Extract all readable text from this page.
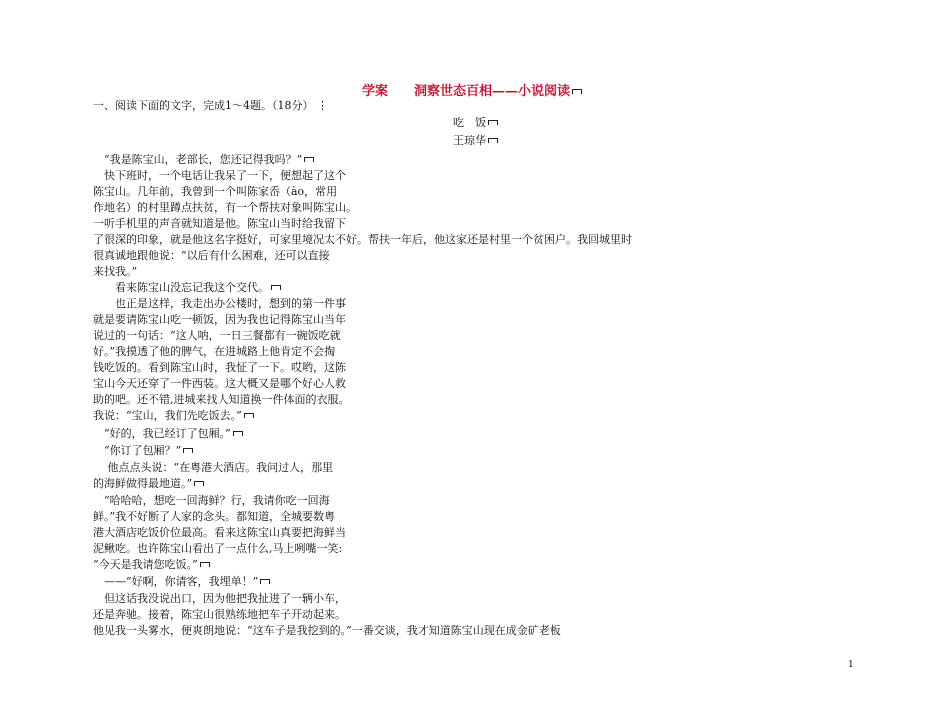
学案　　洞察世态百相——小说阅读
一、阅读下面的文字，完成1～4题。（18分） ⋮
吃　饭
王琼华
　“我是陈宝山，老部长，您还记得我吗？”
　快下班时，一个电话让我呆了一下，便想起了这个
陈宝山。几年前，我曾到一个叫陈家岙（ào，常用
作地名）的村里蹲点扶贫，有一个帮扶对象叫陈宝山。
一听手机里的声音就知道是他。陈宝山当时给我留下
了很深的印象，就是他这名字挺好，可家里境况太不好。帮扶一年后，他这家还是村里一个贫困户。我回城里时
很真诚地跟他说：“以后有什么困难，还可以直接
来找我。”
　　看来陈宝山没忘记我这个交代。
　　也正是这样，我走出办公楼时，想到的第一件事
就是要请陈宝山吃一顿饭，因为我也记得陈宝山当年
说过的一句话：“这人呐，一日三餐都有一碗饭吃就
好。”我摸透了他的脾气，在进城路上他肯定不会掏
钱吃饭的。看到陈宝山时，我怔了一下。哎哟，这陈
宝山今天还穿了一件西装。这大概又是哪个好心人救
助的吧。还不错,进城来找人知道换一件体面的衣服。
我说：“宝山，我们先吃饭去。”
　“好的，我已经订了包厢。”
　“你订了包厢？”
　 他点点头说：“在粤港大酒店。我问过人，那里
的海鲜做得最地道。”
　“哈哈哈，想吃一回海鲜？行，我请你吃一回海
鲜。”我不好断了人家的念头。都知道，全城要数粤
港大酒店吃饭价位最高。看来这陈宝山真要把海鲜当
泥鳅吃。也许陈宝山看出了一点什么,马上咧嘴一笑:
“今天是我请您吃饭。”
　——“好啊，你请客，我埋单！”
　但这话我没说出口，因为他把我扯进了一辆小车，
还是奔驰。接着，陈宝山很熟练地把车子开动起来。
他见我一头雾水，便爽朗地说：“这车子是我挖到的。”一番交谈，我才知道陈宝山现在成金矿老板
1
